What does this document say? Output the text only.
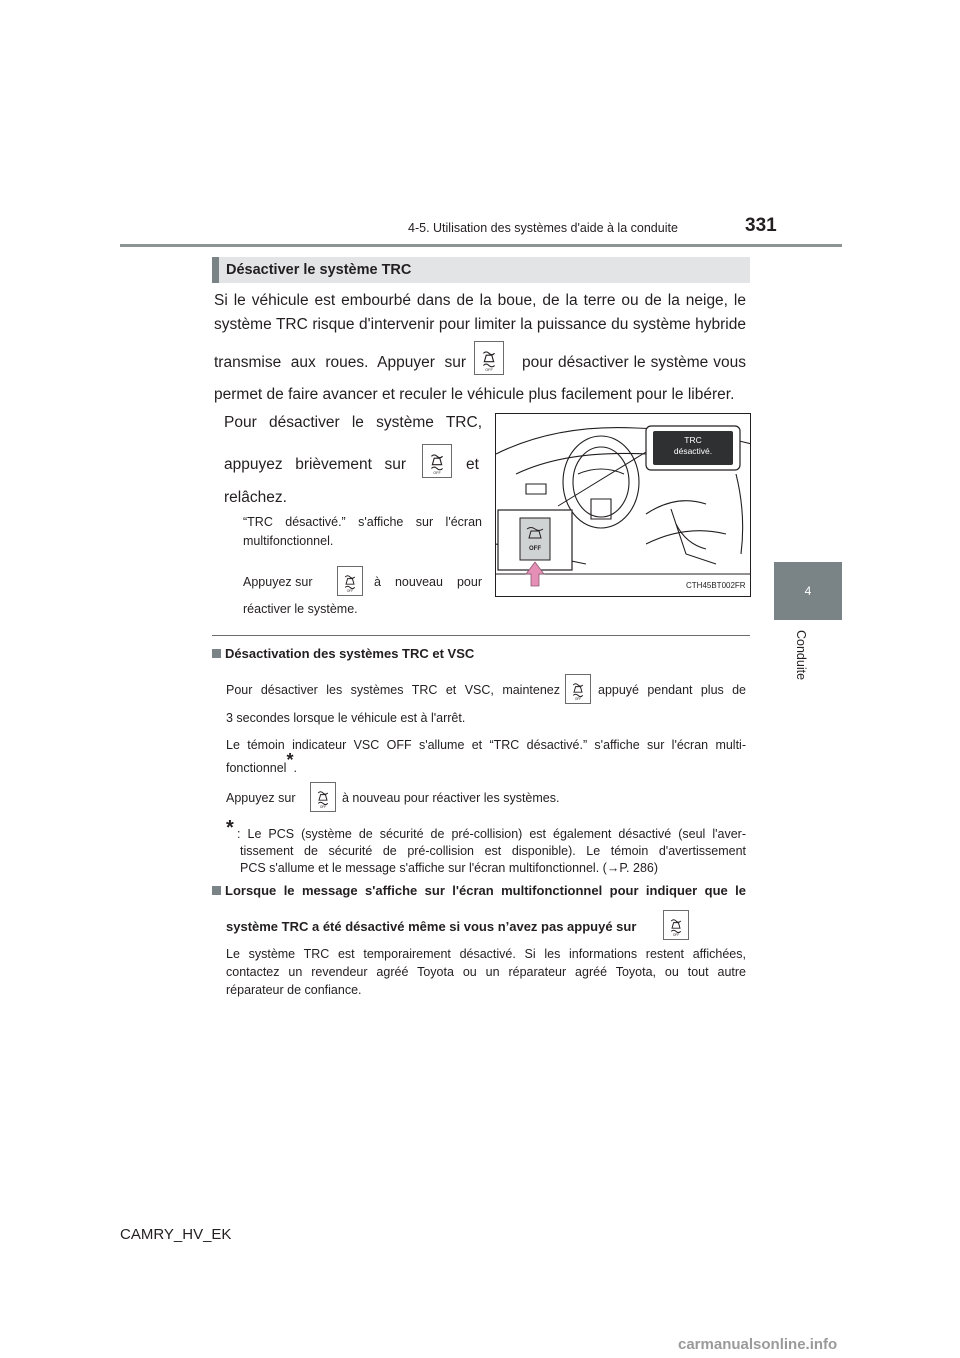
4-5. Utilisation des systèmes d'aide à la conduite	331
4
Conduite
Désactiver le système TRC
Si le véhicule est embourbé dans de la boue, de la terre ou de la neige, le
système TRC risque d'intervenir pour limiter la puissance du système hybride
transmise aux roues. Appuyer sur	OFF pour désactiver le système vous
permet de faire avancer et reculer le véhicule plus facilement pour le libérer.
Pour désactiver le système TRC,
appuyez brièvement sur
OFF
et
relâchez.
“TRC désactivé.” s'affiche sur l'écran
multifonctionnel.
Appuyez sur
OFF
à nouveau pour
réactiver le système.
TRC
désactivé.
OFF
CTH45BT002FR
Désactivation des systèmes TRC et VSC
Pour désactiver les systèmes TRC et VSC, maintenez
OFF
appuyé pendant plus de
3 secondes lorsque le véhicule est à l'arrêt.
Le témoin indicateur VSC OFF s'allume et “TRC désactivé.” s'affiche sur l'écran multi-
fonctionnel*.
Appuyez sur
OFF
à nouveau pour réactiver les systèmes.
* : Le PCS (système de sécurité de pré-collision) est également désactivé (seul l'aver-
tissement de sécurité de pré-collision est disponible). Le témoin d'avertissement
PCS s'allume et le message s'affiche sur l'écran multifonctionnel. (→P. 286)
Lorsque le message s'affiche sur l'écran multifonctionnel pour indiquer que le
système TRC a été désactivé même si vous n’avez pas appuyé sur
OFF
Le système TRC est temporairement désactivé. Si les informations restent affichées,
contactez un revendeur agréé Toyota ou un réparateur agréé Toyota, ou tout autre
réparateur de confiance.
CAMRY_HV_EK
carmanualsonline.info
